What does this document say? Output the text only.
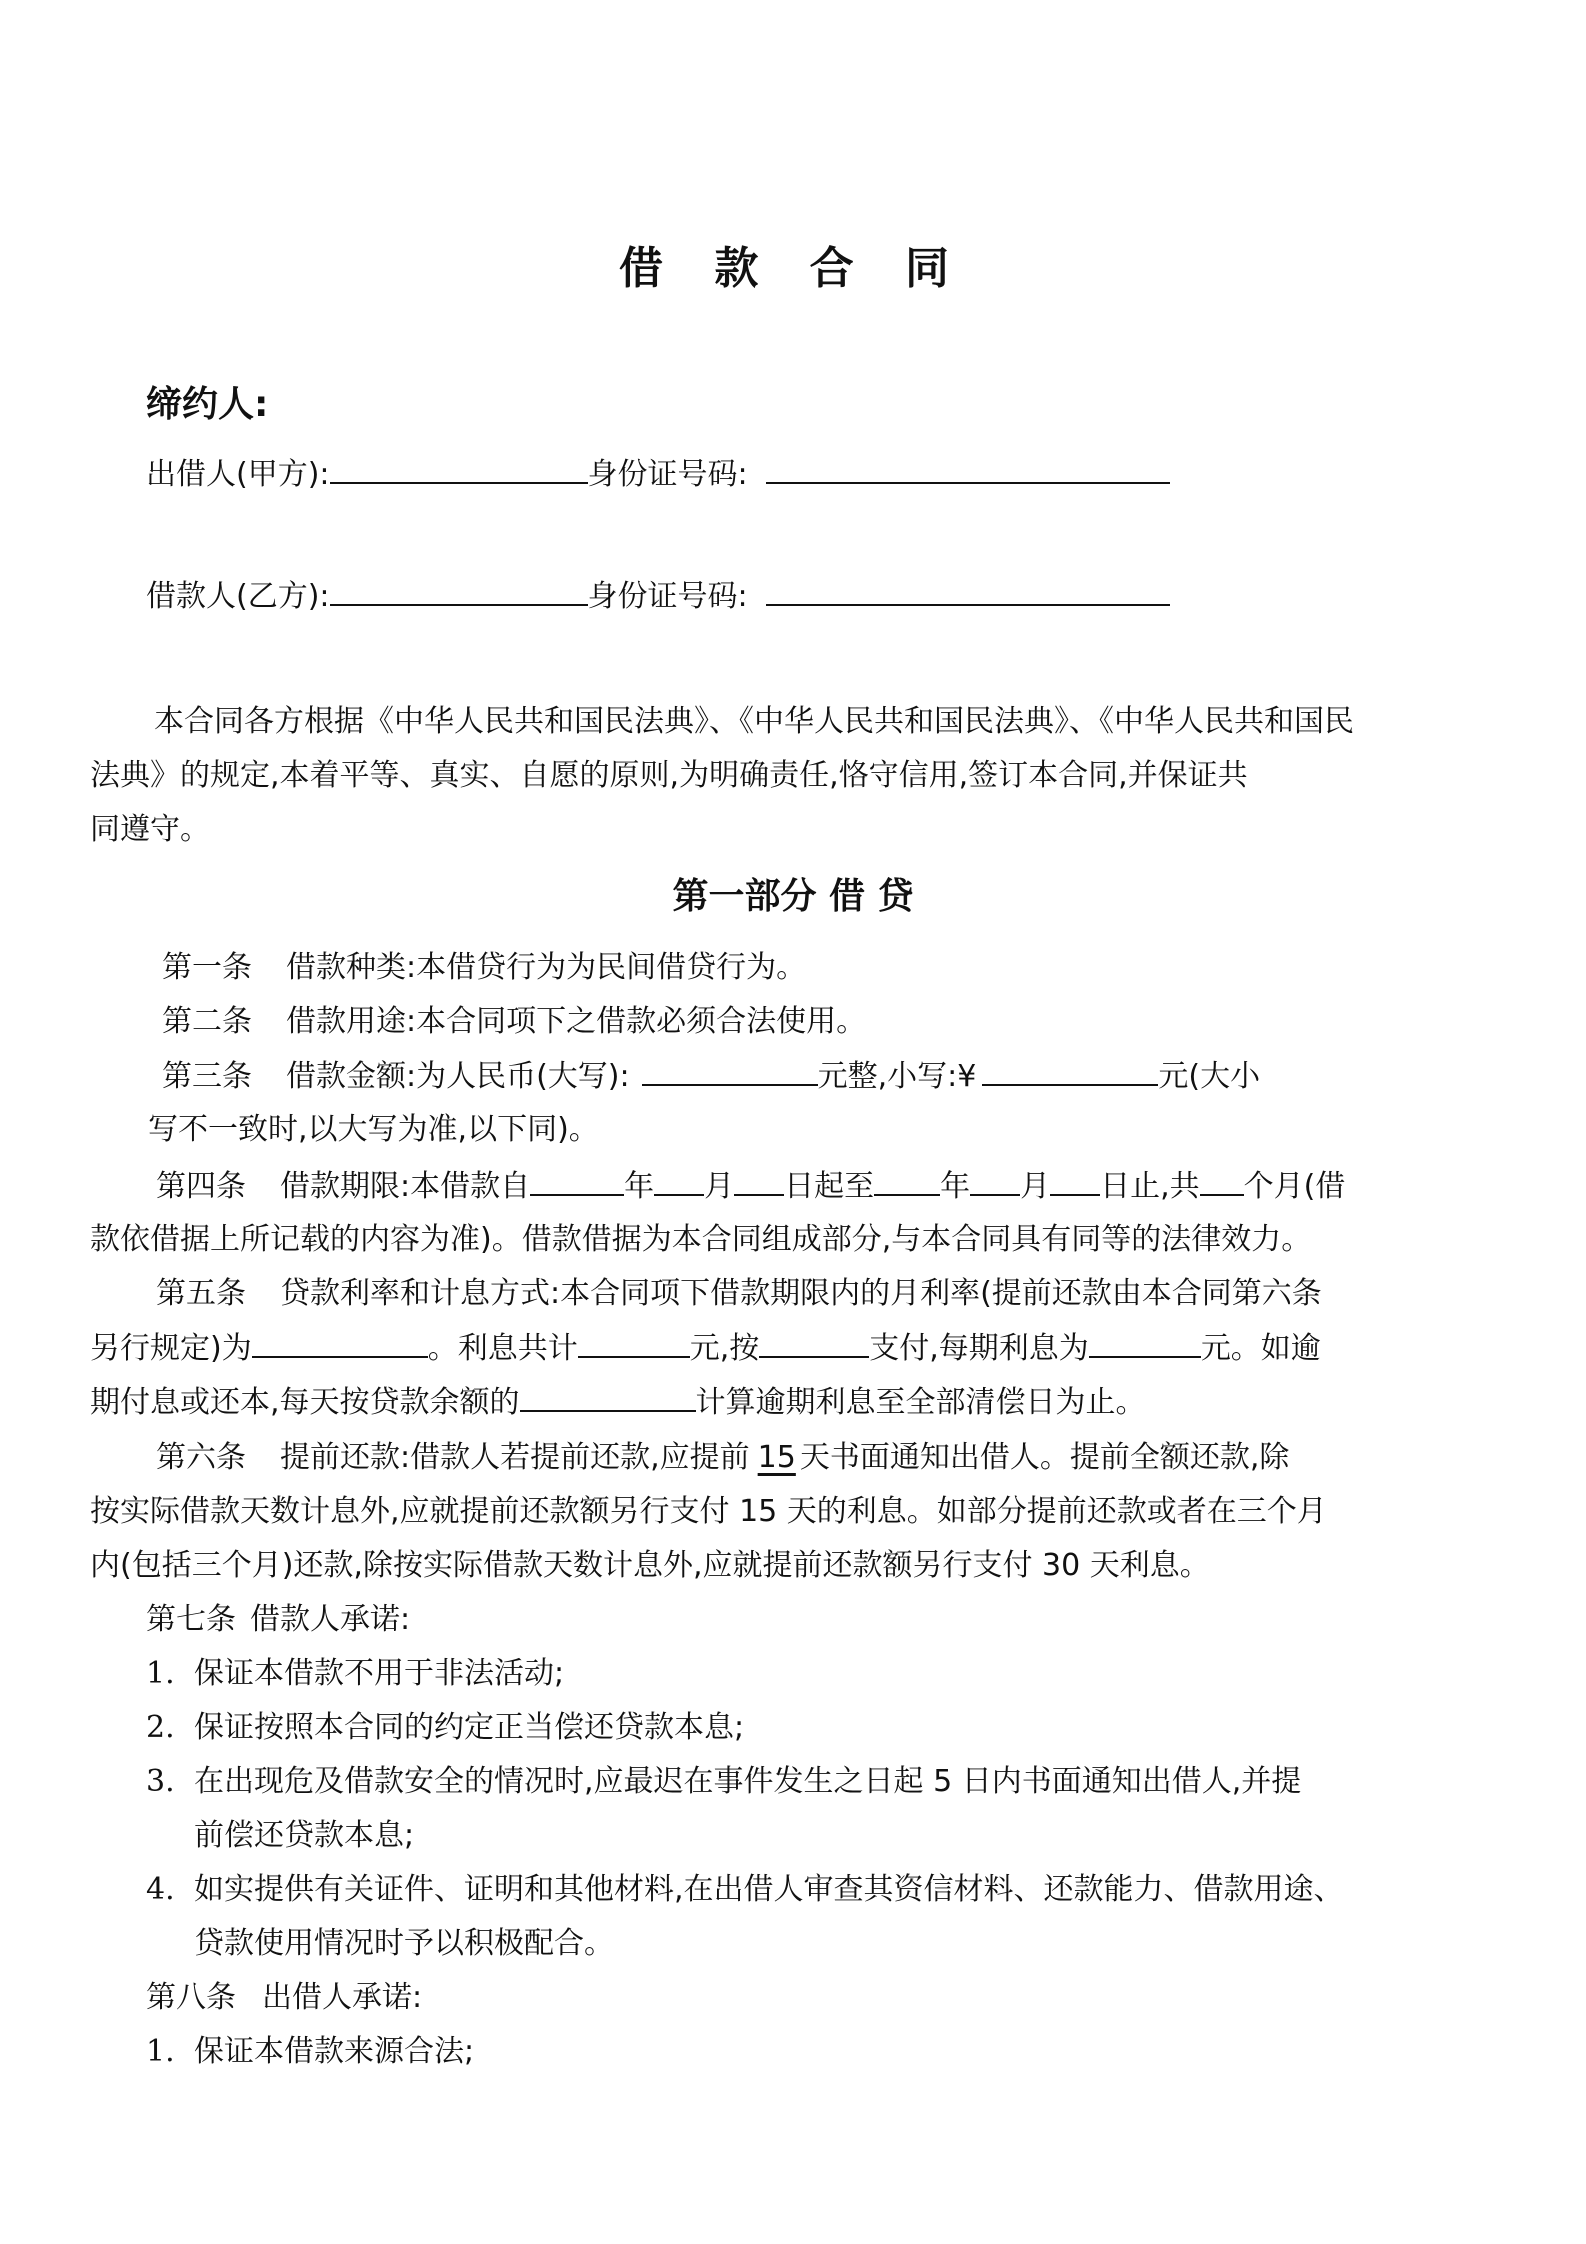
借 款 合 同
缔约人:
出借人(甲方):	身份证号码:
借款人(乙方):	身份证号码:
本合同各方根据《中华人民共和国民法典》、《中华人民共和国民法典》、《中华人民共和国民
法典》的规定,本着平等、真实、自愿的原则,为明确责任,恪守信用,签订本合同,并保证共
同遵守。
第一部分 借 贷
第一条 借款种类:本借贷行为为民间借贷行为。
第二条 借款用途:本合同项下之借款必须合法使用。
第三条 借款金额:为人民币(大写):	元整,小写:¥	元(大小
写不一致时,以大写为准,以下同)。
第四条 借款期限:本借款自	年 月 日起至 年 月 日止,共 个月(借
款依借据上所记载的内容为准)。借款借据为本合同组成部分,与本合同具有同等的法律效力。
第五条 贷款利率和计息方式:本合同项下借款期限内的月利率(提前还款由本合同第六条
另行规定)为	。利息共计	元,按	支付,每期利息为	元。如逾
期付息或还本,每天按贷款余额的	计算逾期利息至全部清偿日为止。
第六条 提前还款:借款人若提前还款,应提前 15 天书面通知出借人。提前全额还款,除
按实际借款天数计息外,应就提前还款额另行支付 15 天的利息。如部分提前还款或者在三个月
内(包括三个月)还款,除按实际借款天数计息外,应就提前还款额另行支付 30 天利息。
第七条 借款人承诺:
1. 保证本借款不用于非法活动;
2. 保证按照本合同的约定正当偿还贷款本息;
3. 在出现危及借款安全的情况时,应最迟在事件发生之日起 5 日内书面通知出借人,并提
前偿还贷款本息;
4. 如实提供有关证件、证明和其他材料,在出借人审查其资信材料、还款能力、借款用途、
贷款使用情况时予以积极配合。
第八条 出借人承诺:
1. 保证本借款来源合法;
